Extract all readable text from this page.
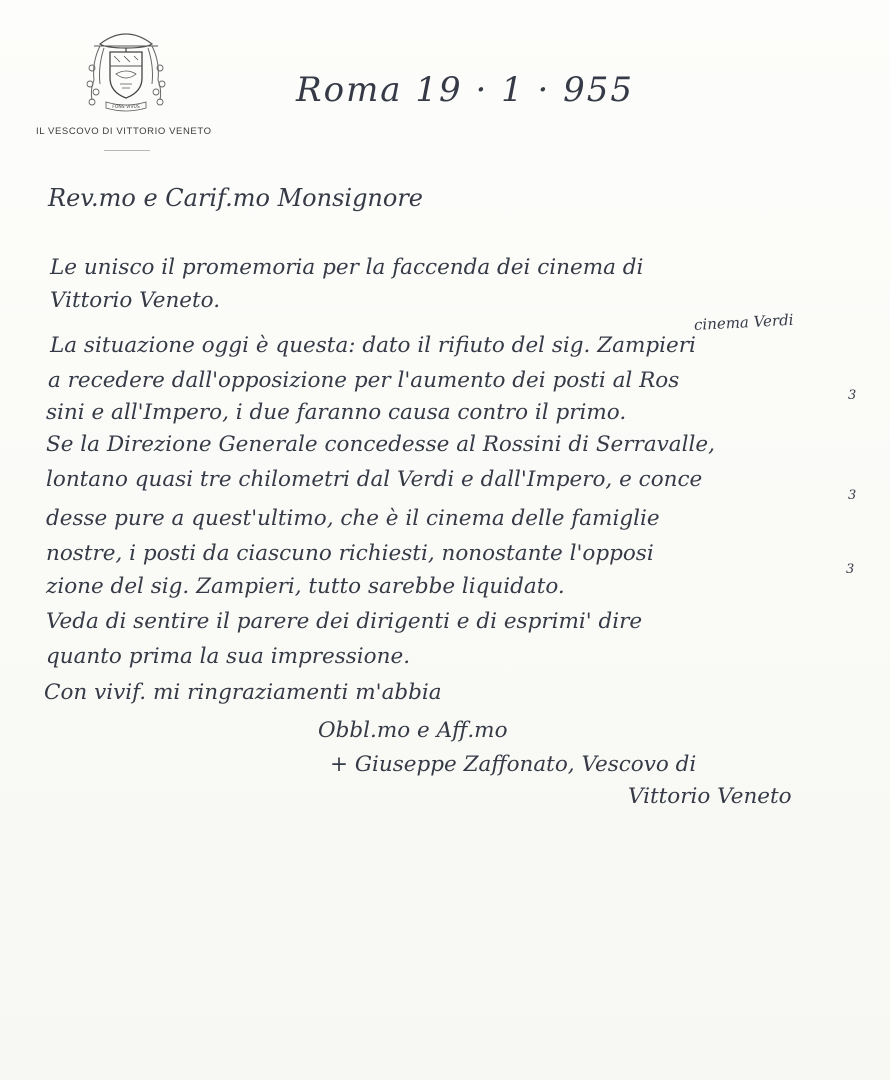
FONS VIVUS
IL VESCOVO DI VITTORIO VENETO
Roma 19 · 1 · 955
Rev.mo e Carif.mo Monsignore
cinema Verdi
Le unisco il promemoria per la faccenda dei cinema di
Vittorio Veneto.
La situazione oggi è questa: dato il rifiuto del sig. Zampieri
a recedere dall'opposizione per l'aumento dei posti al Ros
3
sini e all'Impero, i due faranno causa contro il primo.
Se la Direzione Generale concedesse al Rossini di Serravalle,
lontano quasi tre chilometri dal Verdi e dall'Impero, e conce
3
desse pure a quest'ultimo, che è il cinema delle famiglie
nostre, i posti da ciascuno richiesti, nonostante l'opposi
3
zione del sig. Zampieri, tutto sarebbe liquidato.
Veda di sentire il parere dei dirigenti e di esprimi' dire
quanto prima la sua impressione.
Con vivif. mi ringraziamenti m'abbia
Obbl.mo e Aff.mo
+ Giuseppe Zaffonato, Vescovo di
Vittorio Veneto
